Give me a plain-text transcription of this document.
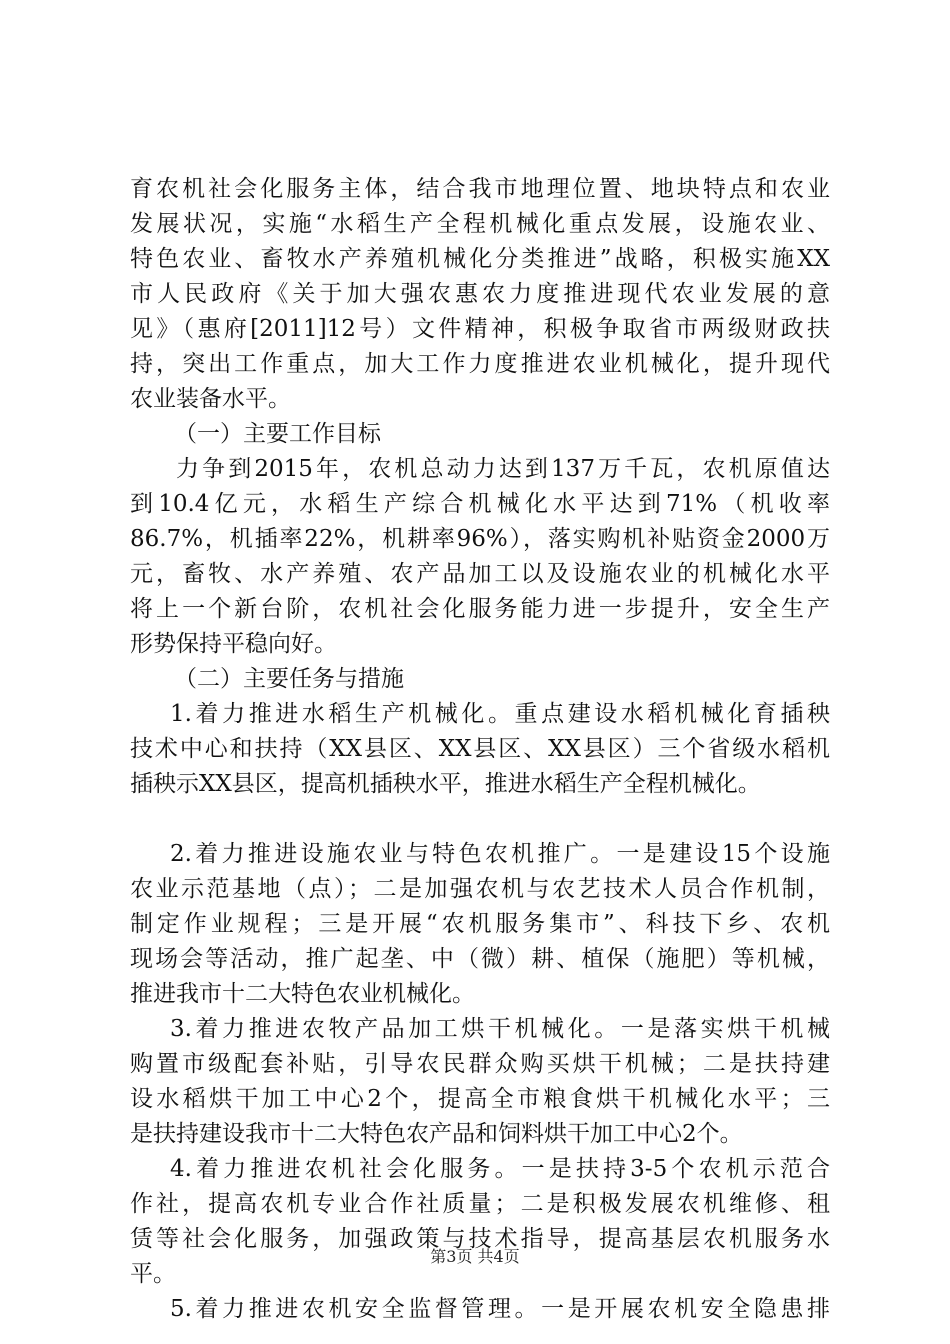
育农机社会化服务主体，结合我市地理位置、地块特点和农业
发展状况，实施“水稻生产全程机械化重点发展，设施农业、
特色农业、畜牧水产养殖机械化分类推进”战略，积极实施XX
市人民政府《关于加大强农惠农力度推进现代农业发展的意
见》（惠府[2011]12号）文件精神，积极争取省市两级财政扶
持，突出工作重点，加大工作力度推进农业机械化，提升现代
农业装备水平。
（一）主要工作目标
力争到2015年，农机总动力达到137万千瓦，农机原值达
到10.4亿元，水稻生产综合机械化水平达到71%（机收率
86.7%，机插率22%，机耕率96%），落实购机补贴资金2000万
元，畜牧、水产养殖、农产品加工以及设施农业的机械化水平
将上一个新台阶，农机社会化服务能力进一步提升，安全生产
形势保持平稳向好。
（二）主要任务与措施
1.着力推进水稻生产机械化。重点建设水稻机械化育插秧
技术中心和扶持（XX县区、XX县区、XX县区）三个省级水稻机
插秧示XX县区，提高机插秧水平，推进水稻生产全程机械化。
2.着力推进设施农业与特色农机推广。一是建设15个设施
农业示范基地（点）；二是加强农机与农艺技术人员合作机制，
制定作业规程；三是开展“农机服务集市”、科技下乡、农机
现场会等活动，推广起垄、中（微）耕、植保（施肥）等机械，
推进我市十二大特色农业机械化。
3.着力推进农牧产品加工烘干机械化。一是落实烘干机械
购置市级配套补贴，引导农民群众购买烘干机械；二是扶持建
设水稻烘干加工中心2个，提高全市粮食烘干机械化水平；三
是扶持建设我市十二大特色农产品和饲料烘干加工中心2个。
4.着力推进农机社会化服务。一是扶持3-5个农机示范合
作社，提高农机专业合作社质量；二是积极发展农机维修、租
赁等社会化服务，加强政策与技术指导，提高基层农机服务水
平。
5.着力推进农机安全监督管理。一是开展农机安全隐患排
第3页 共4页
